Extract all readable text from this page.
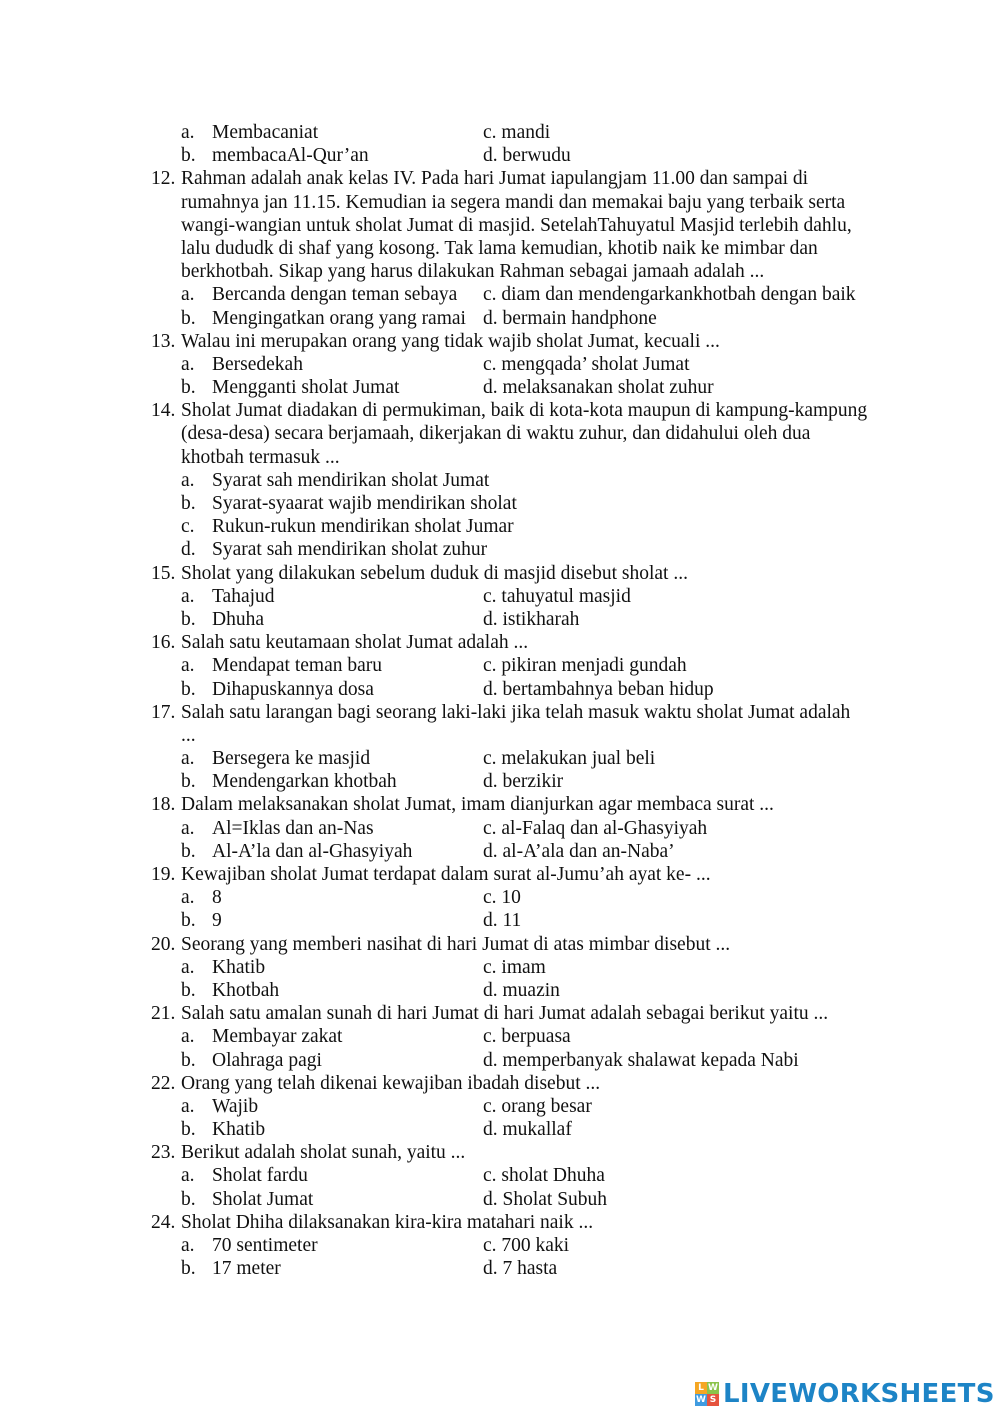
a. Membacaniat	c. mandi
b. membacaAl-Qur’an	d. berwudu
12. Rahman adalah anak kelas IV. Pada hari Jumat iapulangjam 11.00 dan sampai di
rumahnya jan 11.15. Kemudian ia segera mandi dan memakai baju yang terbaik serta
wangi-wangian untuk sholat Jumat di masjid. SetelahTahuyatul Masjid terlebih dahlu,
lalu dududk di shaf yang kosong. Tak lama kemudian, khotib naik ke mimbar dan
berkhotbah. Sikap yang harus dilakukan Rahman sebagai jamaah adalah ...
a. Bercanda dengan teman sebaya c. diam dan mendengarkankhotbah dengan baik
b. Mengingatkan orang yang ramai d. bermain handphone
13. Walau ini merupakan orang yang tidak wajib sholat Jumat, kecuali ...
a. Bersedekah	c. mengqada’ sholat Jumat
b. Mengganti sholat Jumat	d. melaksanakan sholat zuhur
14. Sholat Jumat diadakan di permukiman, baik di kota-kota maupun di kampung-kampung
(desa-desa) secara berjamaah, dikerjakan di waktu zuhur, dan didahului oleh dua
khotbah termasuk ...
a. Syarat sah mendirikan sholat Jumat
b. Syarat-syaarat wajib mendirikan sholat
c. Rukun-rukun mendirikan sholat Jumar
d. Syarat sah mendirikan sholat zuhur
15. Sholat yang dilakukan sebelum duduk di masjid disebut sholat ...
a. Tahajud	c. tahuyatul masjid
b. Dhuha	d. istikharah
16. Salah satu keutamaan sholat Jumat adalah ...
a. Mendapat teman baru	c. pikiran menjadi gundah
b. Dihapuskannya dosa	d. bertambahnya beban hidup
17. Salah satu larangan bagi seorang laki-laki jika telah masuk waktu sholat Jumat adalah
...
a. Bersegera ke masjid	c. melakukan jual beli
b. Mendengarkan khotbah	d. berzikir
18. Dalam melaksanakan sholat Jumat, imam dianjurkan agar membaca surat ...
a. Al=Iklas dan an-Nas	c. al-Falaq dan al-Ghasyiyah
b. Al-A’la dan al-Ghasyiyah	d. al-A’ala dan an-Naba’
19. Kewajiban sholat Jumat terdapat dalam surat al-Jumu’ah ayat ke- ...
a. 8	c. 10
b. 9	d. 11
20. Seorang yang memberi nasihat di hari Jumat di atas mimbar disebut ...
a. Khatib	c. imam
b. Khotbah	d. muazin
21. Salah satu amalan sunah di hari Jumat di hari Jumat adalah sebagai berikut yaitu ...
a. Membayar zakat	c. berpuasa
b. Olahraga pagi	d. memperbanyak shalawat kepada Nabi
22. Orang yang telah dikenai kewajiban ibadah disebut ...
a. Wajib	c. orang besar
b. Khatib	d. mukallaf
23. Berikut adalah sholat sunah, yaitu ...
a. Sholat fardu	c. sholat Dhuha
b. Sholat Jumat	d. Sholat Subuh
24. Sholat Dhiha dilaksanakan kira-kira matahari naik ...
a. 70 sentimeter	c. 700 kaki
b. 17 meter	d. 7 hasta
L W
W S LIVEWORKSHEETS
